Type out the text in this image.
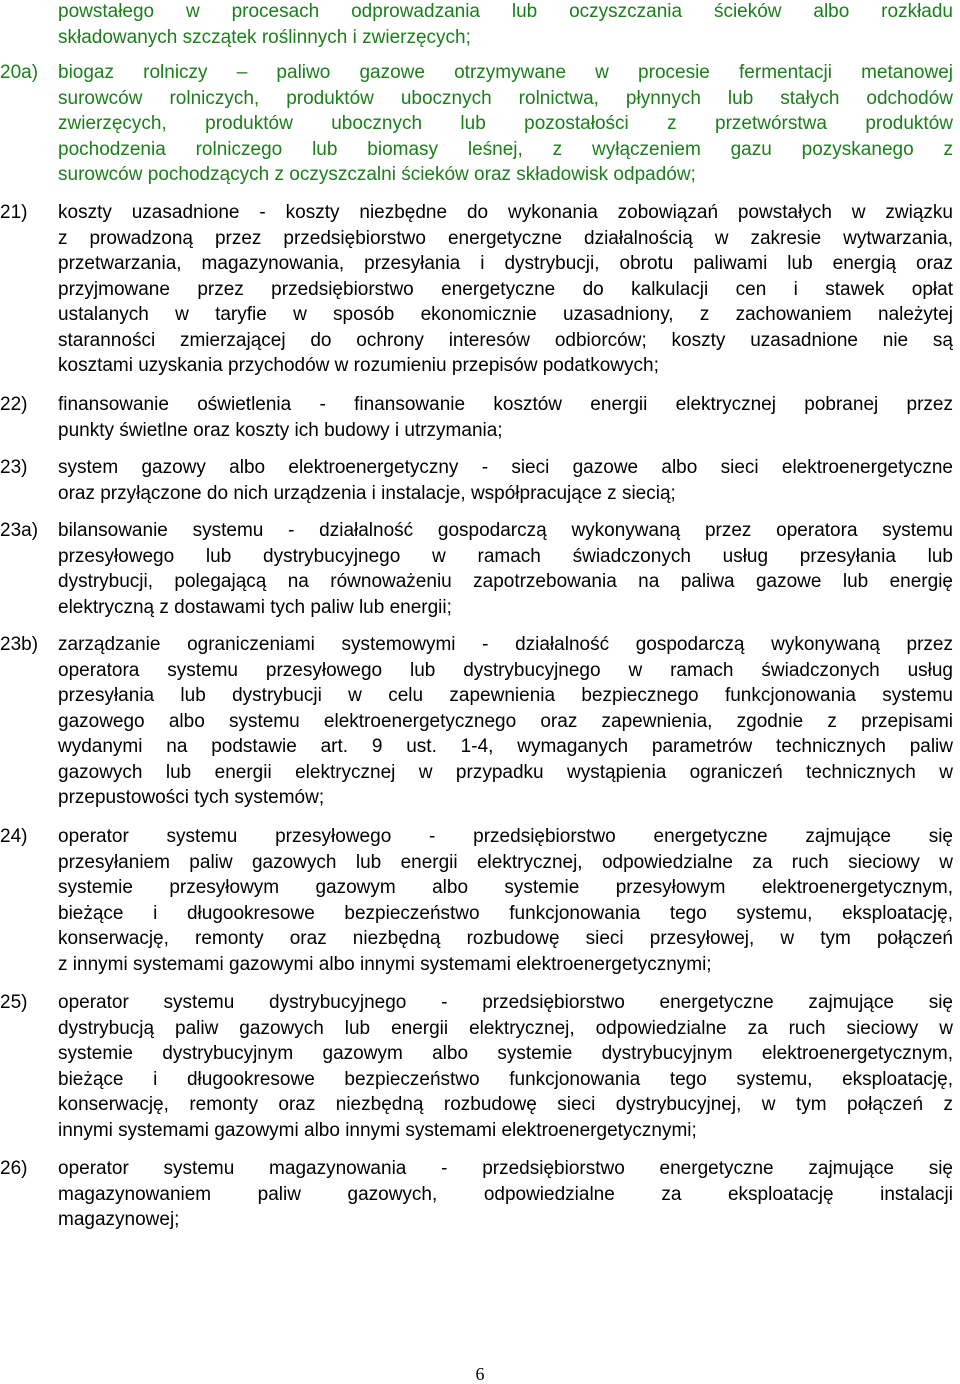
powstałego w procesach odprowadzania lub oczyszczania ścieków albo rozkładu
składowanych szczątek roślinnych i zwierzęcych;
20a) biogaz rolniczy – paliwo gazowe otrzymywane w procesie fermentacji metanowej
surowców rolniczych, produktów ubocznych rolnictwa, płynnych lub stałych odchodów
zwierzęcych, produktów ubocznych lub pozostałości z przetwórstwa produktów
pochodzenia rolniczego lub biomasy leśnej, z wyłączeniem gazu pozyskanego z
surowców pochodzących z oczyszczalni ścieków oraz składowisk odpadów;
21) koszty uzasadnione - koszty niezbędne do wykonania zobowiązań powstałych w związku
z prowadzoną przez przedsiębiorstwo energetyczne działalnością w zakresie wytwarzania,
przetwarzania, magazynowania, przesyłania i dystrybucji, obrotu paliwami lub energią oraz
przyjmowane przez przedsiębiorstwo energetyczne do kalkulacji cen i stawek opłat
ustalanych w taryfie w sposób ekonomicznie uzasadniony, z zachowaniem należytej
staranności zmierzającej do ochrony interesów odbiorców; koszty uzasadnione nie są
kosztami uzyskania przychodów w rozumieniu przepisów podatkowych;
22) finansowanie oświetlenia - finansowanie kosztów energii elektrycznej pobranej przez
punkty świetlne oraz koszty ich budowy i utrzymania;
23) system gazowy albo elektroenergetyczny - sieci gazowe albo sieci elektroenergetyczne
oraz przyłączone do nich urządzenia i instalacje, współpracujące z siecią;
23a) bilansowanie systemu - działalność gospodarczą wykonywaną przez operatora systemu
przesyłowego lub dystrybucyjnego w ramach świadczonych usług przesyłania lub
dystrybucji, polegającą na równoważeniu zapotrzebowania na paliwa gazowe lub energię
elektryczną z dostawami tych paliw lub energii;
23b) zarządzanie ograniczeniami systemowymi - działalność gospodarczą wykonywaną przez
operatora systemu przesyłowego lub dystrybucyjnego w ramach świadczonych usług
przesyłania lub dystrybucji w celu zapewnienia bezpiecznego funkcjonowania systemu
gazowego albo systemu elektroenergetycznego oraz zapewnienia, zgodnie z przepisami
wydanymi na podstawie art. 9 ust. 1-4, wymaganych parametrów technicznych paliw
gazowych lub energii elektrycznej w przypadku wystąpienia ograniczeń technicznych w
przepustowości tych systemów;
24) operator systemu przesyłowego - przedsiębiorstwo energetyczne zajmujące się
przesyłaniem paliw gazowych lub energii elektrycznej, odpowiedzialne za ruch sieciowy w
systemie przesyłowym gazowym albo systemie przesyłowym elektroenergetycznym,
bieżące i długookresowe bezpieczeństwo funkcjonowania tego systemu, eksploatację,
konserwację, remonty oraz niezbędną rozbudowę sieci przesyłowej, w tym połączeń
z innymi systemami gazowymi albo innymi systemami elektroenergetycznymi;
25) operator systemu dystrybucyjnego - przedsiębiorstwo energetyczne zajmujące się
dystrybucją paliw gazowych lub energii elektrycznej, odpowiedzialne za ruch sieciowy w
systemie dystrybucyjnym gazowym albo systemie dystrybucyjnym elektroenergetycznym,
bieżące i długookresowe bezpieczeństwo funkcjonowania tego systemu, eksploatację,
konserwację, remonty oraz niezbędną rozbudowę sieci dystrybucyjnej, w tym połączeń z
innymi systemami gazowymi albo innymi systemami elektroenergetycznymi;
26) operator systemu magazynowania - przedsiębiorstwo energetyczne zajmujące się
magazynowaniem paliw gazowych, odpowiedzialne za eksploatację instalacji
magazynowej;
6
